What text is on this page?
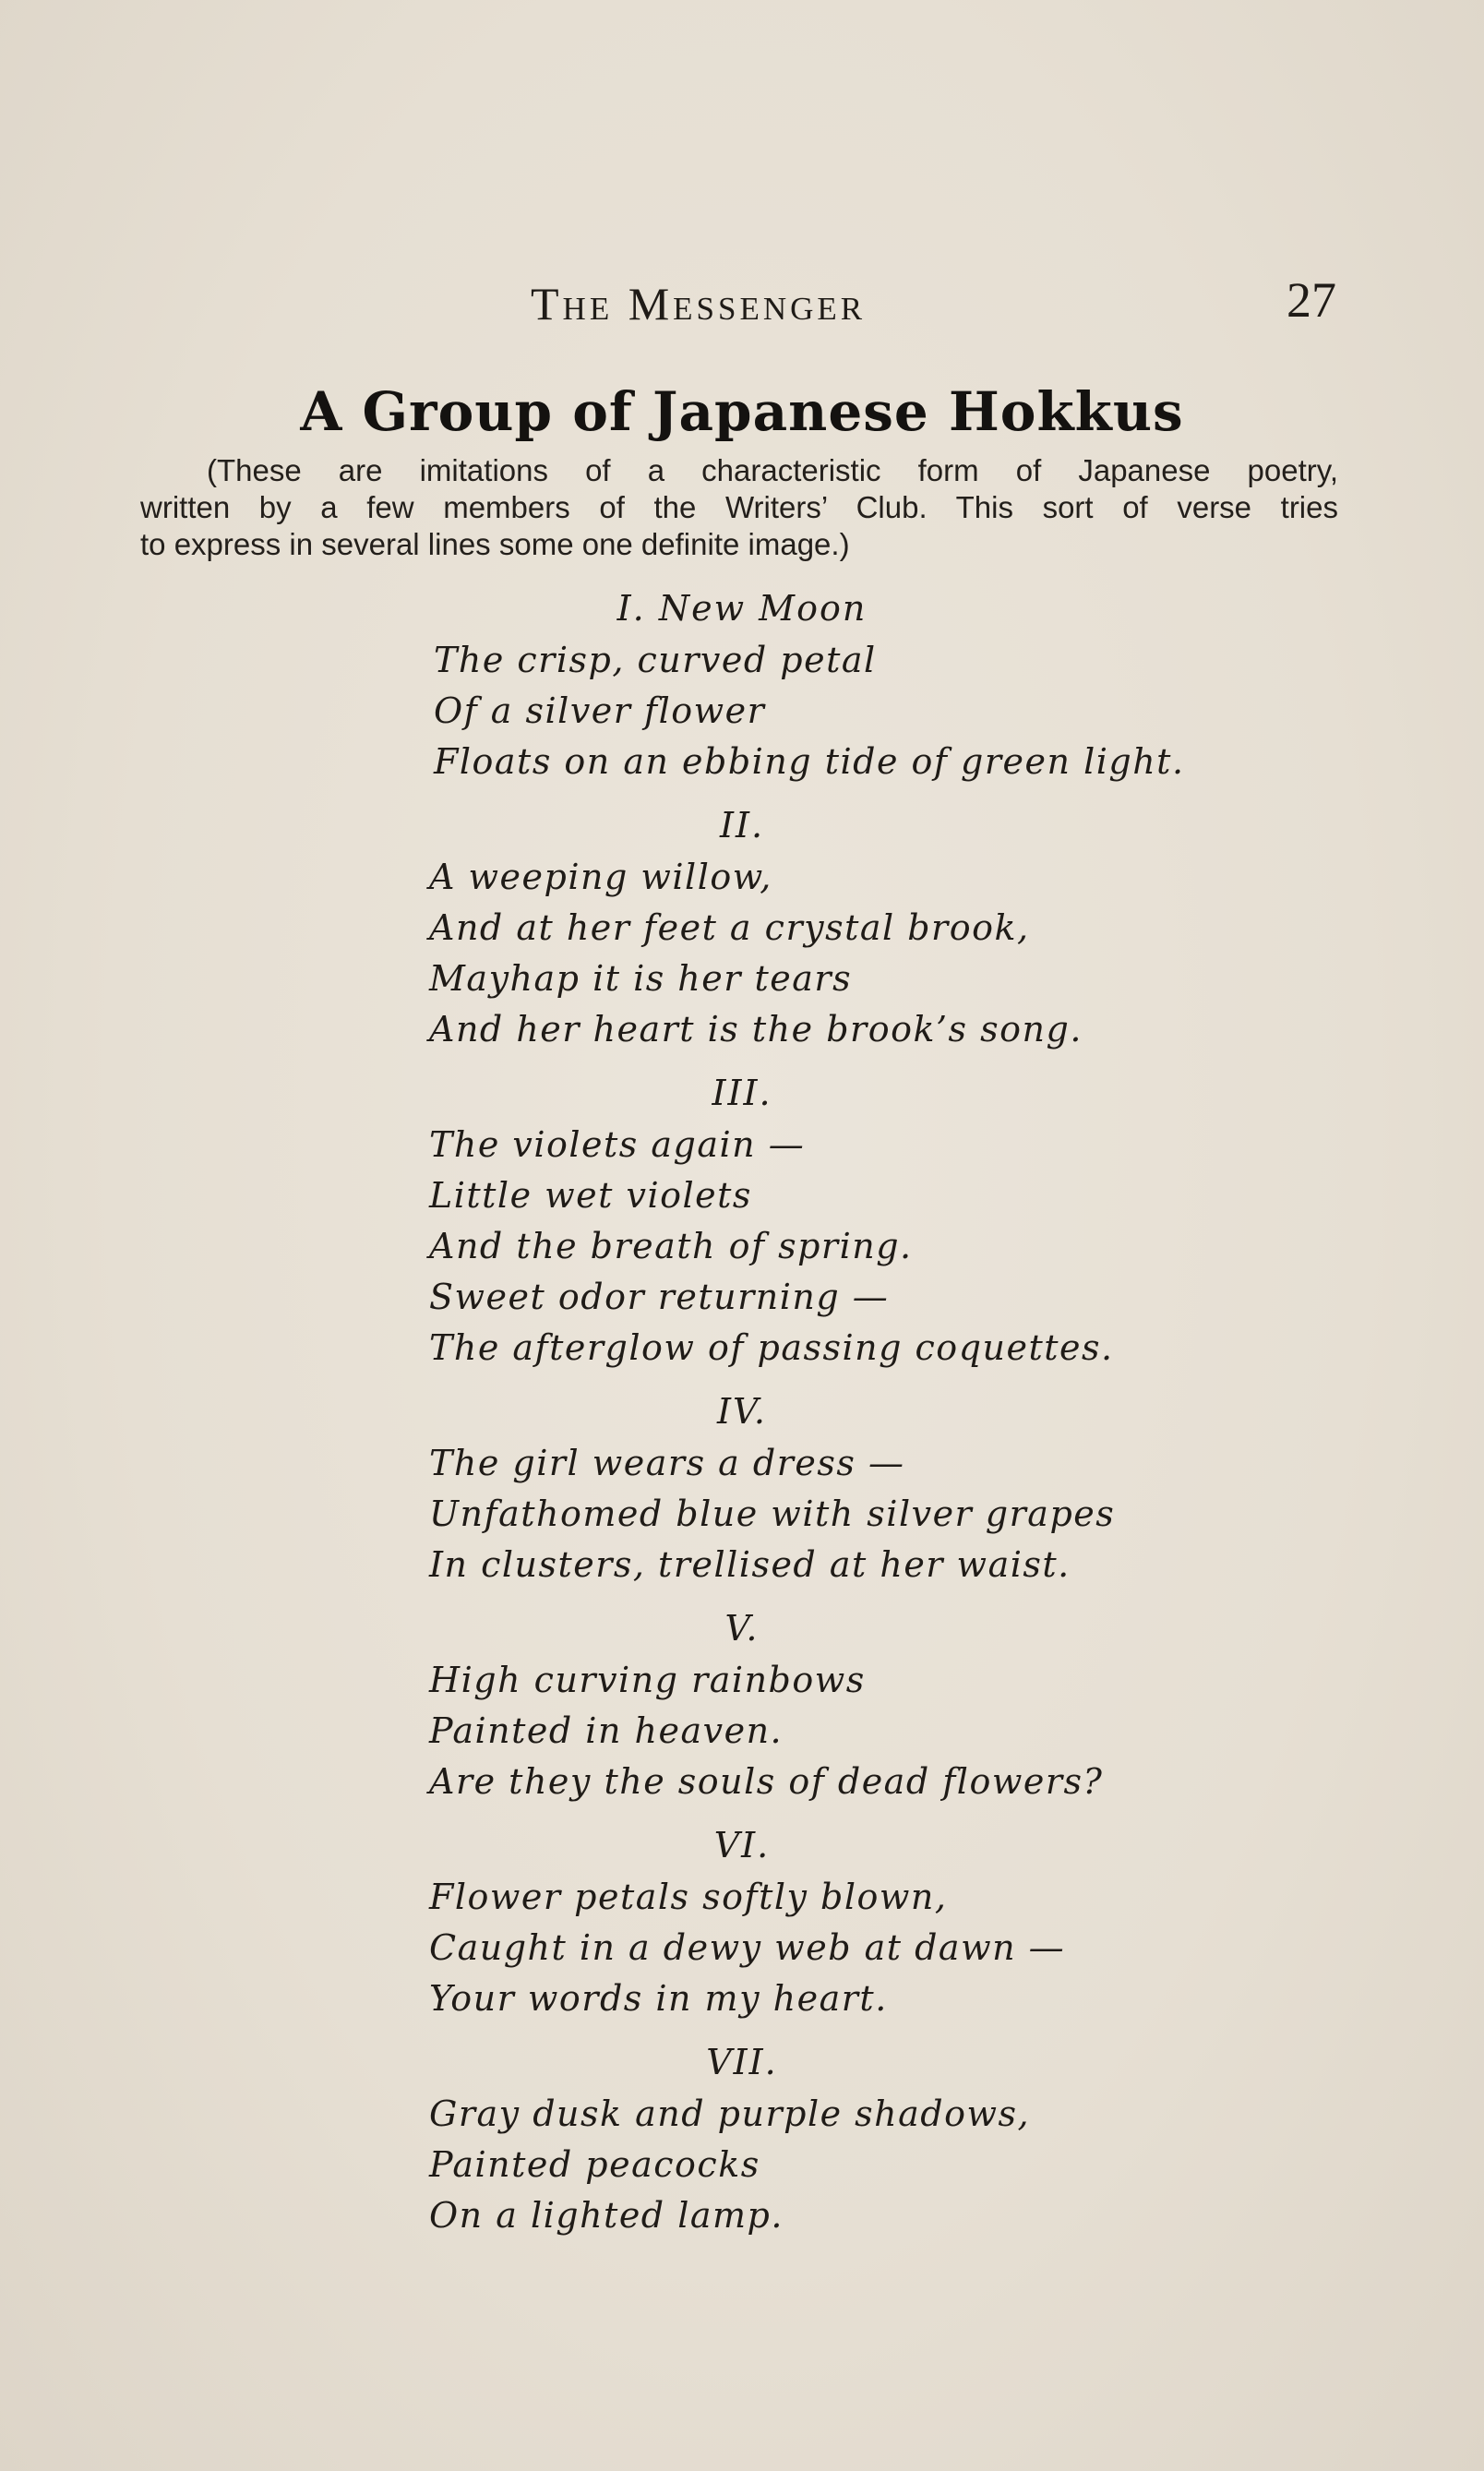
The Messenger	27
A Group of Japanese Hokkus
(These are imitations of a characteristic form of Japanese poetry,
written by a few members of the Writers’ Club. This sort of verse tries
to express in several lines some one definite image.)
I. New Moon
The crisp, curved petal
Of a silver flower
Floats on an ebbing tide of green light.
II.
A weeping willow,
And at her feet a crystal brook,
Mayhap it is her tears
And her heart is the brook’s song.
III.
The violets again —
Little wet violets
And the breath of spring.
Sweet odor returning —
The afterglow of passing coquettes.
IV.
The girl wears a dress —
Unfathomed blue with silver grapes
In clusters, trellised at her waist.
V.
High curving rainbows
Painted in heaven.
Are they the souls of dead flowers?
VI.
Flower petals softly blown,
Caught in a dewy web at dawn —
Your words in my heart.
VII.
Gray dusk and purple shadows,
Painted peacocks
On a lighted lamp.
